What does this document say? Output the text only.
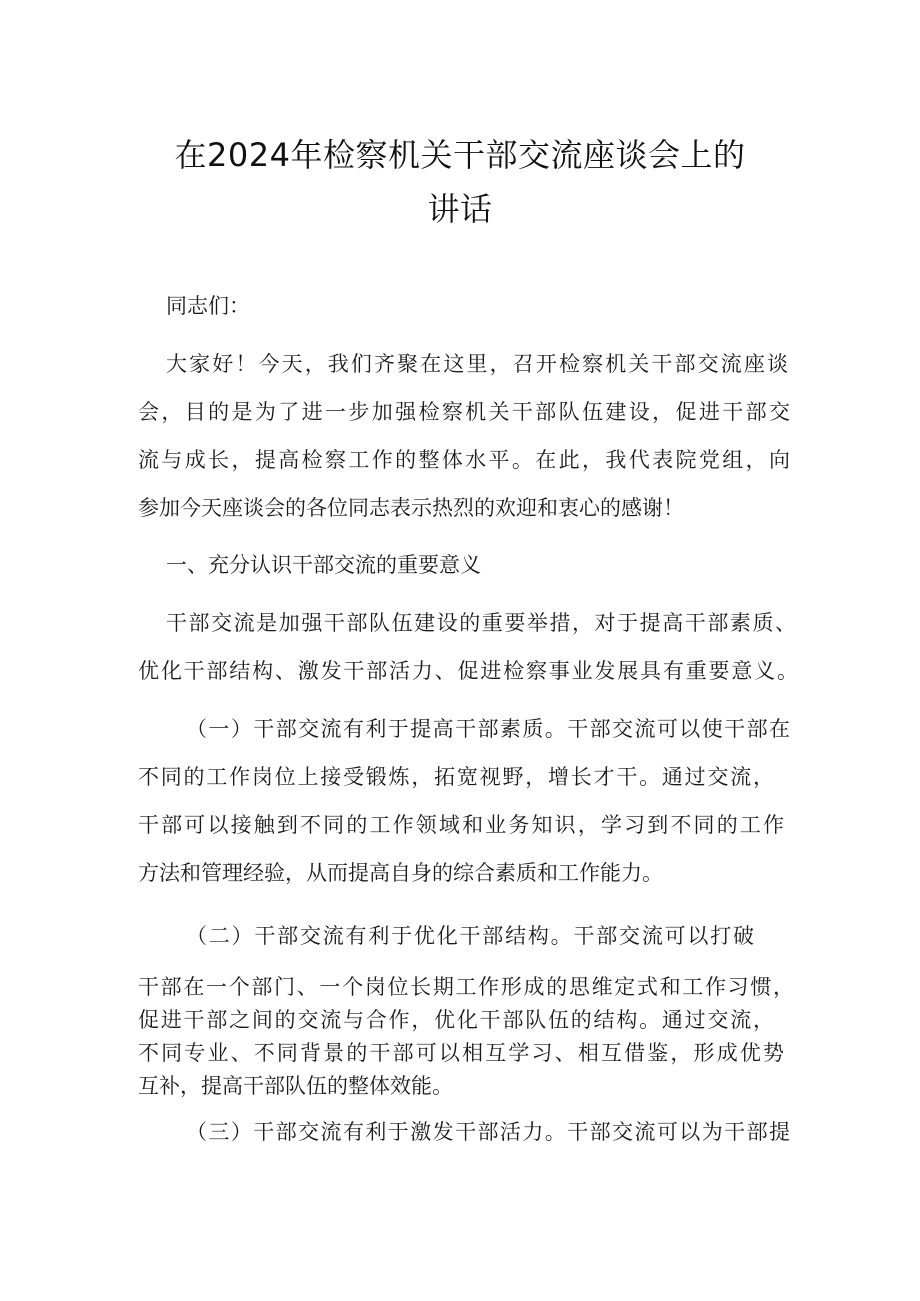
在2024年检察机关干部交流座谈会上的
讲话
同志们：
大家好！今天，我们齐聚在这里，召开检察机关干部交流座谈
会，目的是为了进一步加强检察机关干部队伍建设，促进干部交
流与成长，提高检察工作的整体水平。在此，我代表院党组，向
参加今天座谈会的各位同志表示热烈的欢迎和衷心的感谢！
一、充分认识干部交流的重要意义
干部交流是加强干部队伍建设的重要举措，对于提高干部素质、
优化干部结构、激发干部活力、促进检察事业发展具有重要意义。
（一）干部交流有利于提高干部素质。干部交流可以使干部在
不同的工作岗位上接受锻炼，拓宽视野，增长才干。通过交流，
干部可以接触到不同的工作领域和业务知识，学习到不同的工作
方法和管理经验，从而提高自身的综合素质和工作能力。
（二）干部交流有利于优化干部结构。干部交流可以打破
干部在一个部门、一个岗位长期工作形成的思维定式和工作习惯，
促进干部之间的交流与合作，优化干部队伍的结构。通过交流，
不同专业、不同背景的干部可以相互学习、相互借鉴，形成优势
互补，提高干部队伍的整体效能。
（三）干部交流有利于激发干部活力。干部交流可以为干部提
